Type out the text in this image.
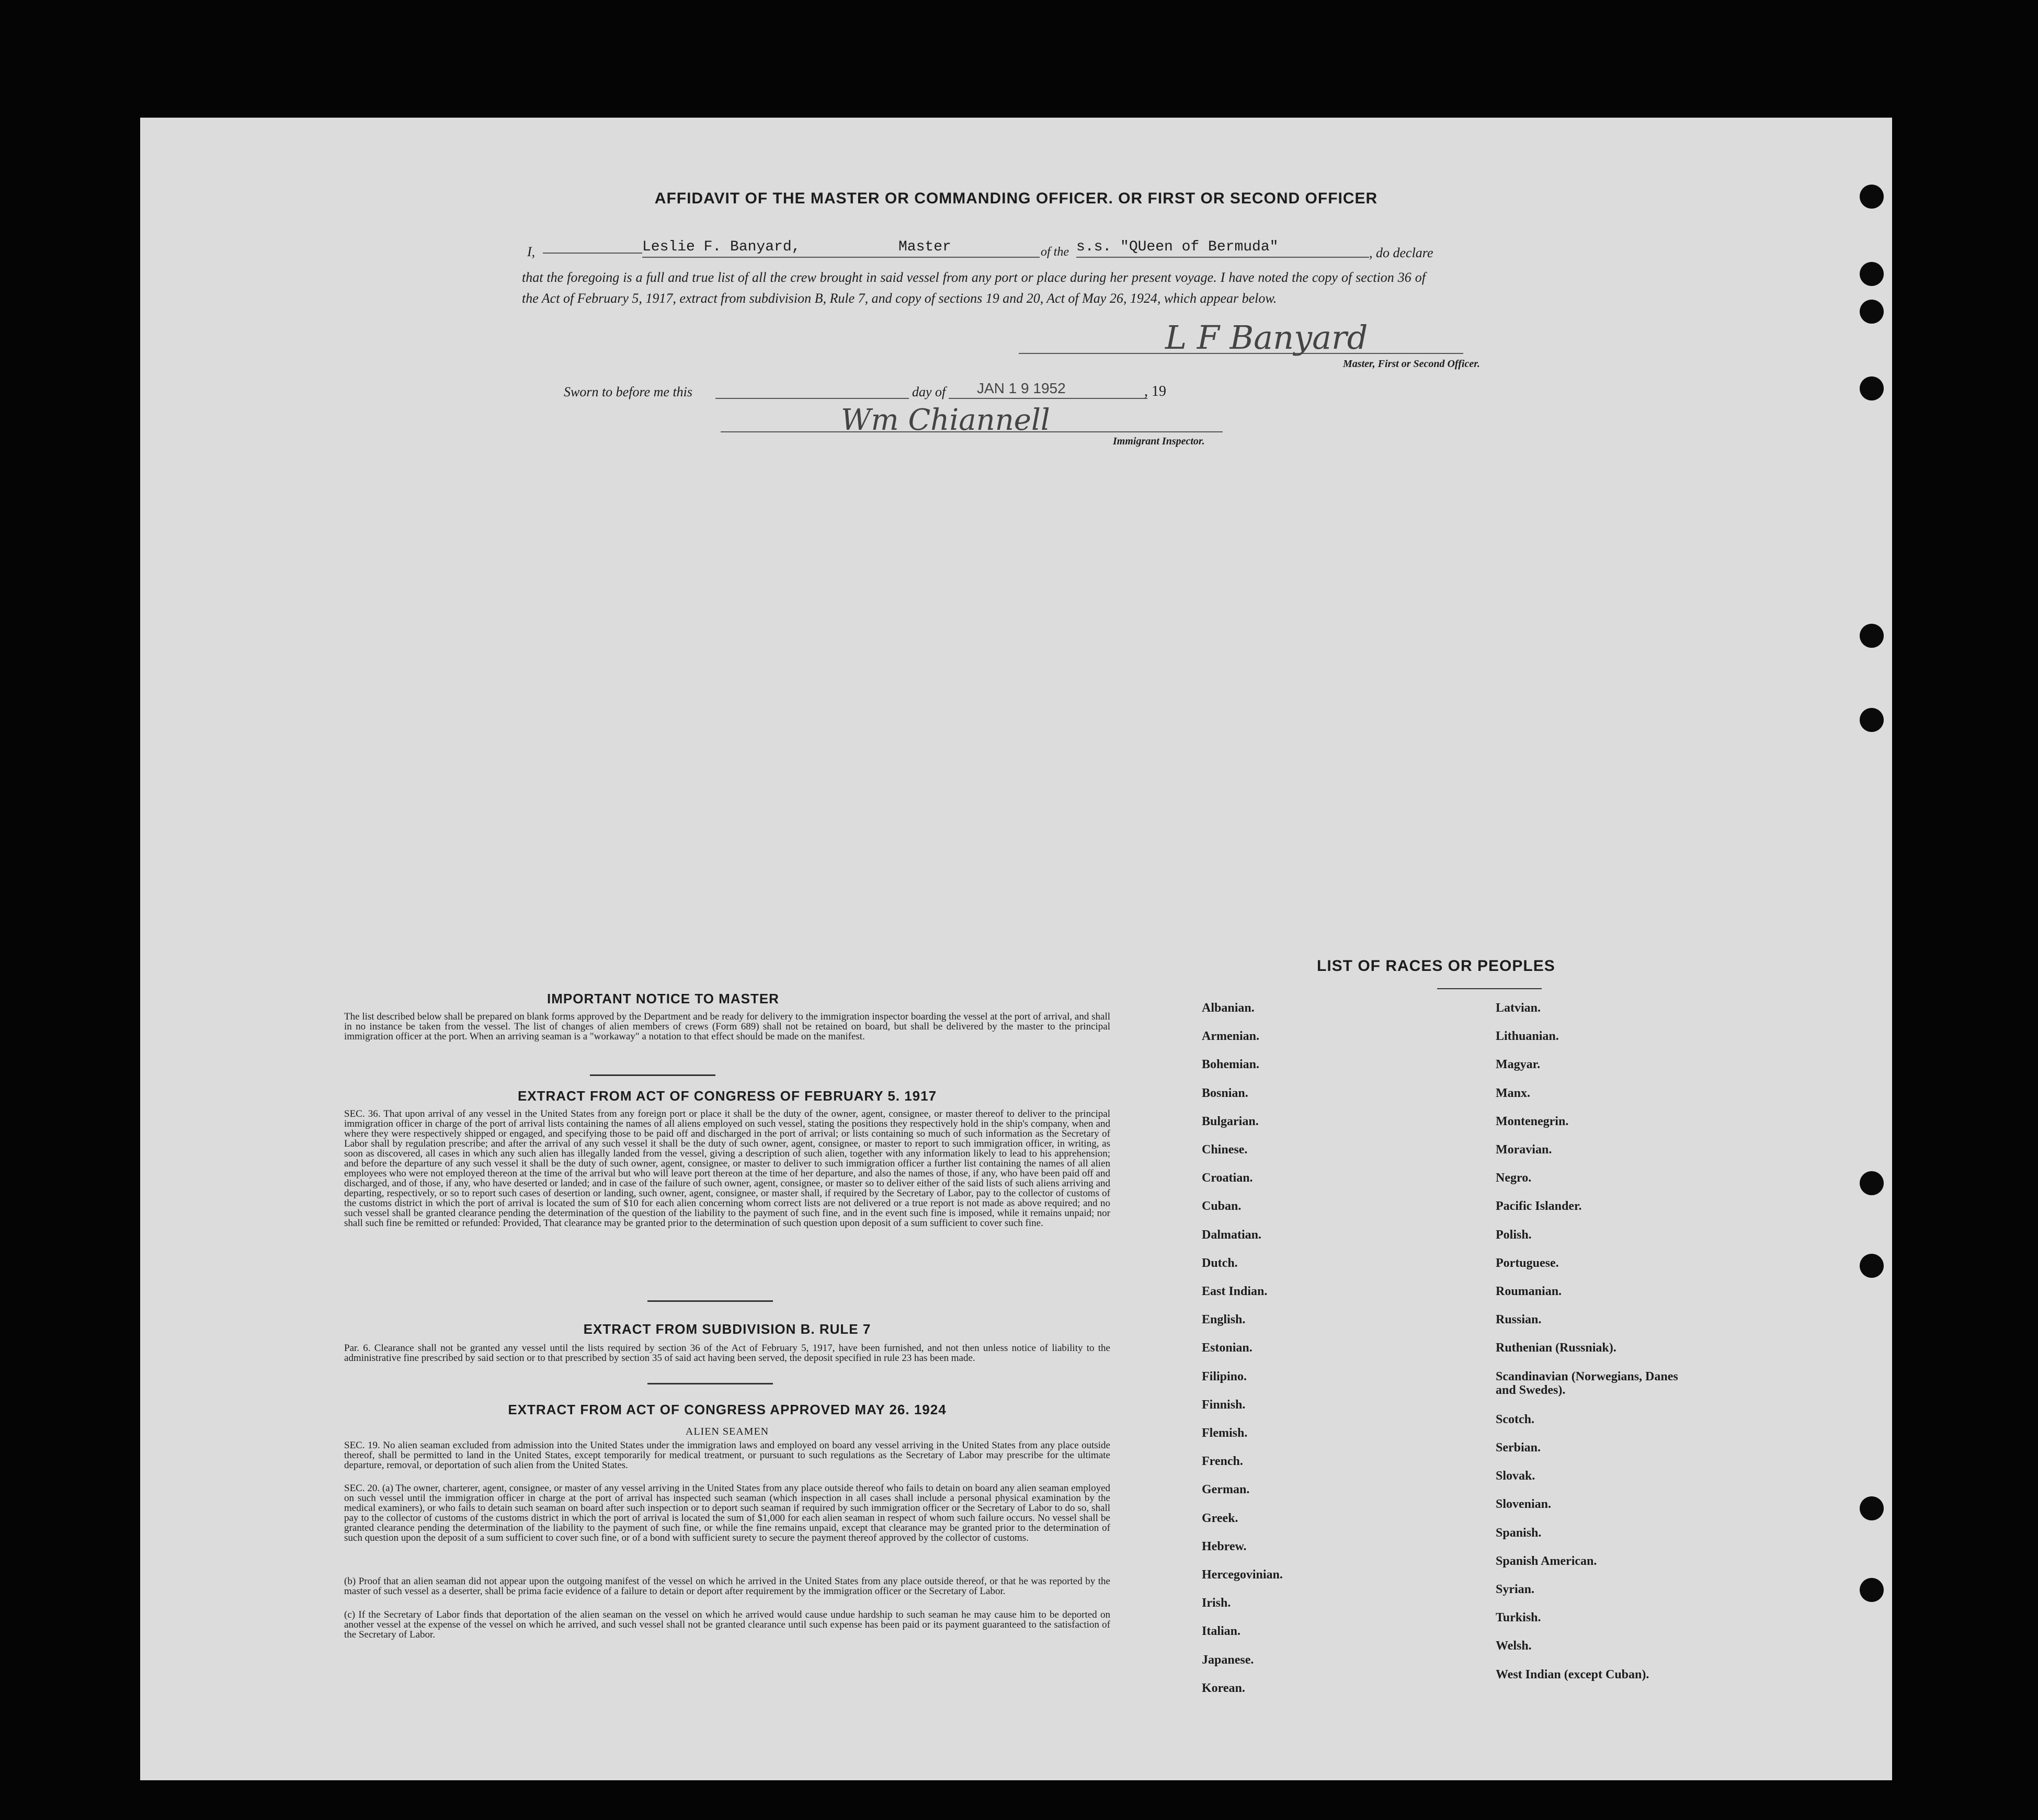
AFFIDAVIT OF THE MASTER OR COMMANDING OFFICER. OR FIRST OR SECOND OFFICER
I,	Leslie F. Banyard,	Master	of the s.s. "QUeen of Bermuda"	, do declare
that the foregoing is a full and true list of all the crew brought in said vessel from any port or place during her present voyage. I have noted the copy of section 36 of the Act of February 5, 1917, extract from subdivision B, Rule 7, and copy of sections 19 and 20, Act of May 26, 1924, which appear below.
L F Banyard
Master, First or Second Officer.
Sworn to before me this	day of JAN 1 9 1952	, 19
Wm Chiannell
Immigrant Inspector.
IMPORTANT NOTICE TO MASTER
The list described below shall be prepared on blank forms approved by the Department and be ready for delivery to the immigration inspector boarding the vessel at the port of arrival, and shall in no instance be taken from the vessel. The list of changes of alien members of crews (Form 689) shall not be retained on board, but shall be delivered by the master to the principal immigration officer at the port. When an arriving seaman is a "workaway" a notation to that effect should be made on the manifest.
EXTRACT FROM ACT OF CONGRESS OF FEBRUARY 5. 1917
SEC. 36. That upon arrival of any vessel in the United States from any foreign port or place it shall be the duty of the owner, agent, consignee, or master thereof to deliver to the principal immigration officer in charge of the port of arrival lists containing the names of all aliens employed on such vessel, stating the positions they respectively hold in the ship's company, when and where they were respectively shipped or engaged, and specifying those to be paid off and discharged in the port of arrival; or lists containing so much of such information as the Secretary of Labor shall by regulation prescribe; and after the arrival of any such vessel it shall be the duty of such owner, agent, consignee, or master to report to such immigration officer, in writing, as soon as discovered, all cases in which any such alien has illegally landed from the vessel, giving a description of such alien, together with any information likely to lead to his apprehension; and before the departure of any such vessel it shall be the duty of such owner, agent, consignee, or master to deliver to such immigration officer a further list containing the names of all alien employees who were not employed thereon at the time of the arrival but who will leave port thereon at the time of her departure, and also the names of those, if any, who have been paid off and discharged, and of those, if any, who have deserted or landed; and in case of the failure of such owner, agent, consignee, or master so to deliver either of the said lists of such aliens arriving and departing, respectively, or so to report such cases of desertion or landing, such owner, agent, consignee, or master shall, if required by the Secretary of Labor, pay to the collector of customs of the customs district in which the port of arrival is located the sum of $10 for each alien concerning whom correct lists are not delivered or a true report is not made as above required; and no such vessel shall be granted clearance pending the determination of the question of the liability to the payment of such fine, and in the event such fine is imposed, while it remains unpaid; nor shall such fine be remitted or refunded: Provided, That clearance may be granted prior to the determination of such question upon deposit of a sum sufficient to cover such fine.
EXTRACT FROM SUBDIVISION B. RULE 7
Par. 6. Clearance shall not be granted any vessel until the lists required by section 36 of the Act of February 5, 1917, have been furnished, and not then unless notice of liability to the administrative fine prescribed by said section or to that prescribed by section 35 of said act having been served, the deposit specified in rule 23 has been made.
EXTRACT FROM ACT OF CONGRESS APPROVED MAY 26. 1924
ALIEN SEAMEN
SEC. 19. No alien seaman excluded from admission into the United States under the immigration laws and employed on board any vessel arriving in the United States from any place outside thereof, shall be permitted to land in the United States, except temporarily for medical treatment, or pursuant to such regulations as the Secretary of Labor may prescribe for the ultimate departure, removal, or deportation of such alien from the United States.
SEC. 20. (a) The owner, charterer, agent, consignee, or master of any vessel arriving in the United States from any place outside thereof who fails to detain on board any alien seaman employed on such vessel until the immigration officer in charge at the port of arrival has inspected such seaman (which inspection in all cases shall include a personal physical examination by the medical examiners), or who fails to detain such seaman on board after such inspection or to deport such seaman if required by such immigration officer or the Secretary of Labor to do so, shall pay to the collector of customs of the customs district in which the port of arrival is located the sum of $1,000 for each alien seaman in respect of whom such failure occurs. No vessel shall be granted clearance pending the determination of the liability to the payment of such fine, or while the fine remains unpaid, except that clearance may be granted prior to the determination of such question upon the deposit of a sum sufficient to cover such fine, or of a bond with sufficient surety to secure the payment thereof approved by the collector of customs.
(b) Proof that an alien seaman did not appear upon the outgoing manifest of the vessel on which he arrived in the United States from any place outside thereof, or that he was reported by the master of such vessel as a deserter, shall be prima facie evidence of a failure to detain or deport after requirement by the immigration officer or the Secretary of Labor.
(c) If the Secretary of Labor finds that deportation of the alien seaman on the vessel on which he arrived would cause undue hardship to such seaman he may cause him to be deported on another vessel at the expense of the vessel on which he arrived, and such vessel shall not be granted clearance until such expense has been paid or its payment guaranteed to the satisfaction of the Secretary of Labor.
LIST OF RACES OR PEOPLES
Albanian.
Armenian.
Bohemian.
Bosnian.
Bulgarian.
Chinese.
Croatian.
Cuban.
Dalmatian.
Dutch.
East Indian.
English.
Estonian.
Filipino.
Finnish.
Flemish.
French.
German.
Greek.
Hebrew.
Hercegovinian.
Irish.
Italian.
Japanese.
Korean.
Latvian.
Lithuanian.
Magyar.
Manx.
Montenegrin.
Moravian.
Negro.
Pacific Islander.
Polish.
Portuguese.
Roumanian.
Russian.
Ruthenian (Russniak).
Scandinavian (Norwegians, Danes and Swedes).
Scotch.
Serbian.
Slovak.
Slovenian.
Spanish.
Spanish American.
Syrian.
Turkish.
Welsh.
West Indian (except Cuban).
